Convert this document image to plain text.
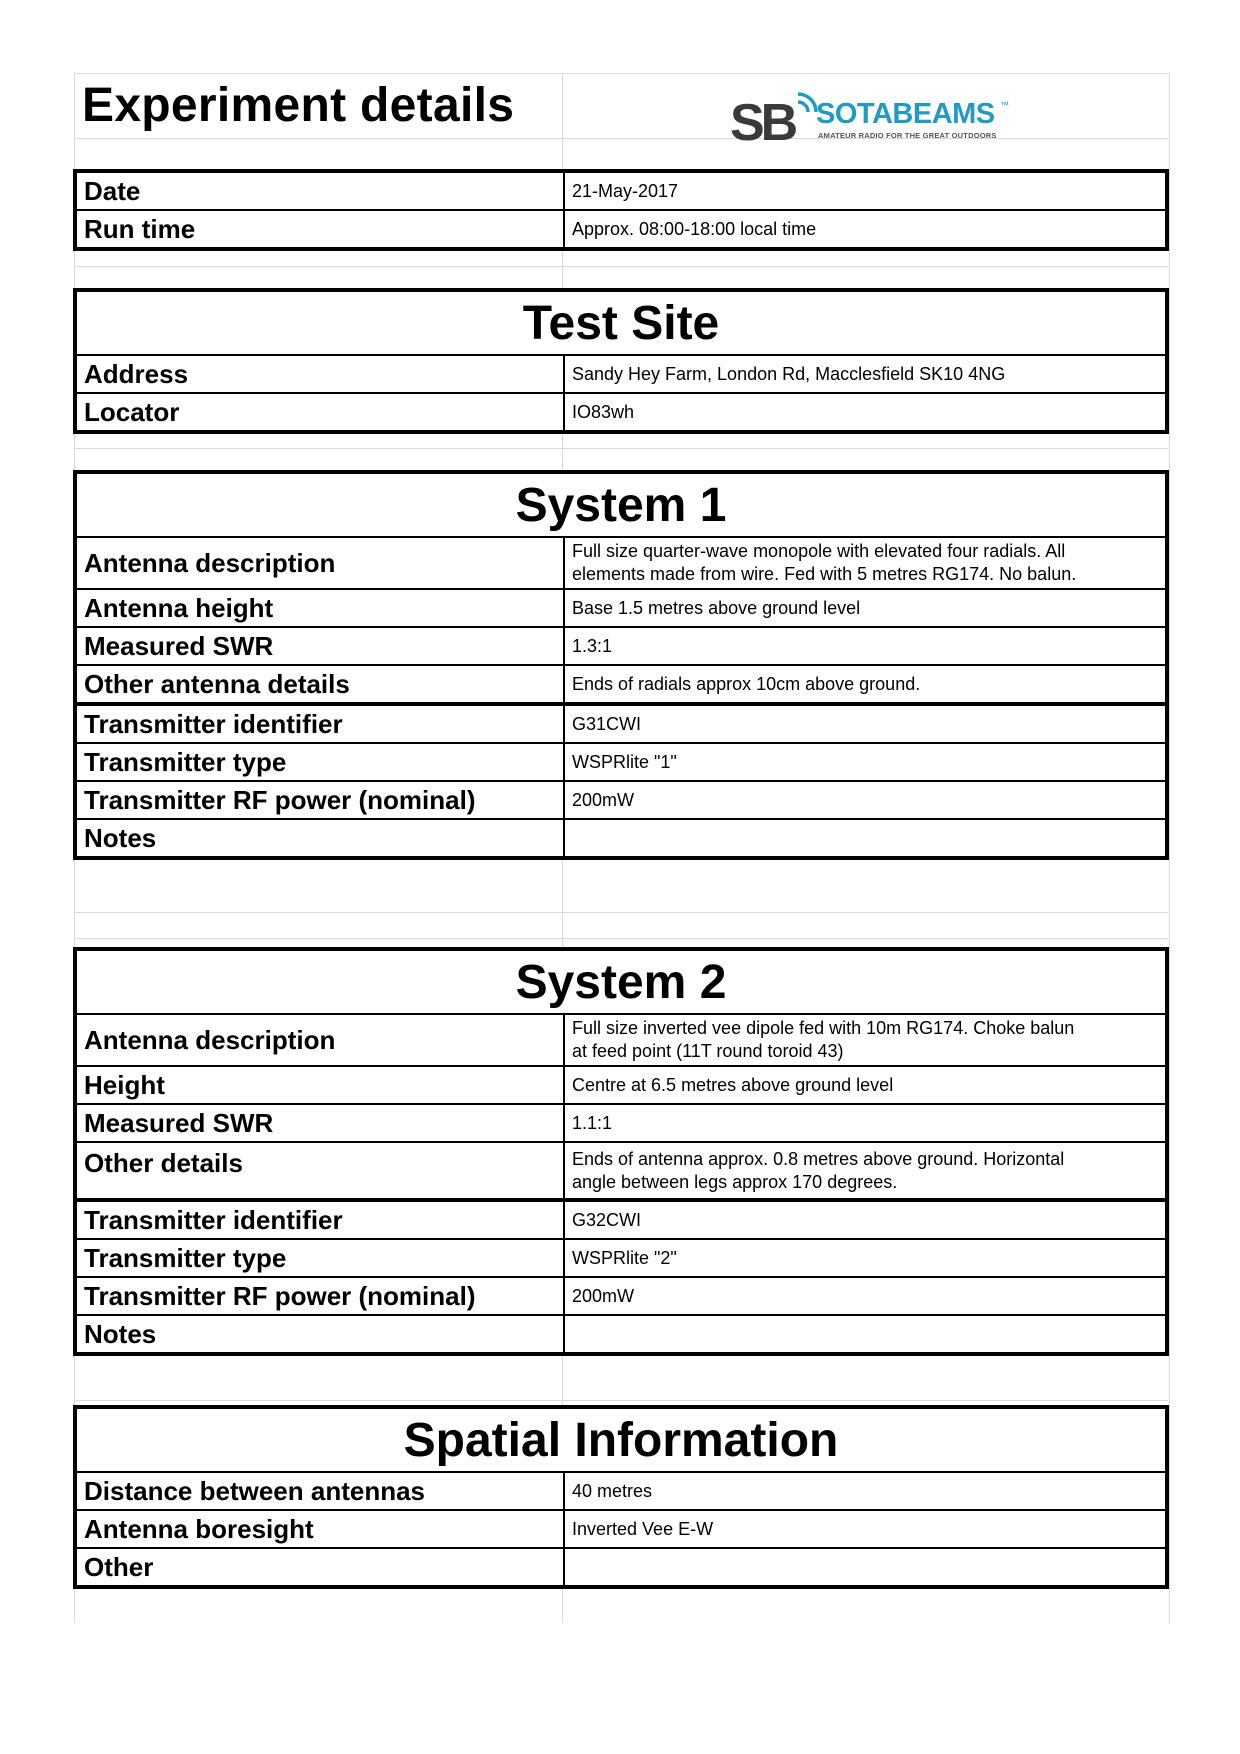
Experiment details	SB SOTABEAMS ™
AMATEUR RADIO FOR THE GREAT OUTDOORS
Date	21-May-2017
Run time	Approx. 08:00-18:00 local time
Test Site	
Address	Sandy Hey Farm, London Rd, Macclesfield SK10 4NG
Locator	IO83wh
System 1	
Antenna description	Full size quarter-wave monopole with elevated four radials. All
elements made from wire. Fed with 5 metres RG174. No balun.

Antenna height	Base 1.5 metres above ground level
Measured SWR	1.3:1
Other antenna details	Ends of radials approx 10cm above ground.
Transmitter identifier	G31CWI
Transmitter type	WSPRlite "1"
Transmitter RF power (nominal)	200mW
Notes	
System 2	
Antenna description	Full size inverted vee dipole fed with 10m RG174. Choke balun
at feed point (11T round toroid 43)

Height	Centre at 6.5 metres above ground level
Measured SWR	1.1:1
Other details	Ends of antenna approx. 0.8 metres above ground. Horizontal
angle between legs approx 170 degrees.

Transmitter identifier	G32CWI
Transmitter type	WSPRlite "2"
Transmitter RF power (nominal)	200mW
Notes	
Spatial Information	
Distance between antennas	40 metres
Antenna boresight	Inverted Vee E-W
Other	
